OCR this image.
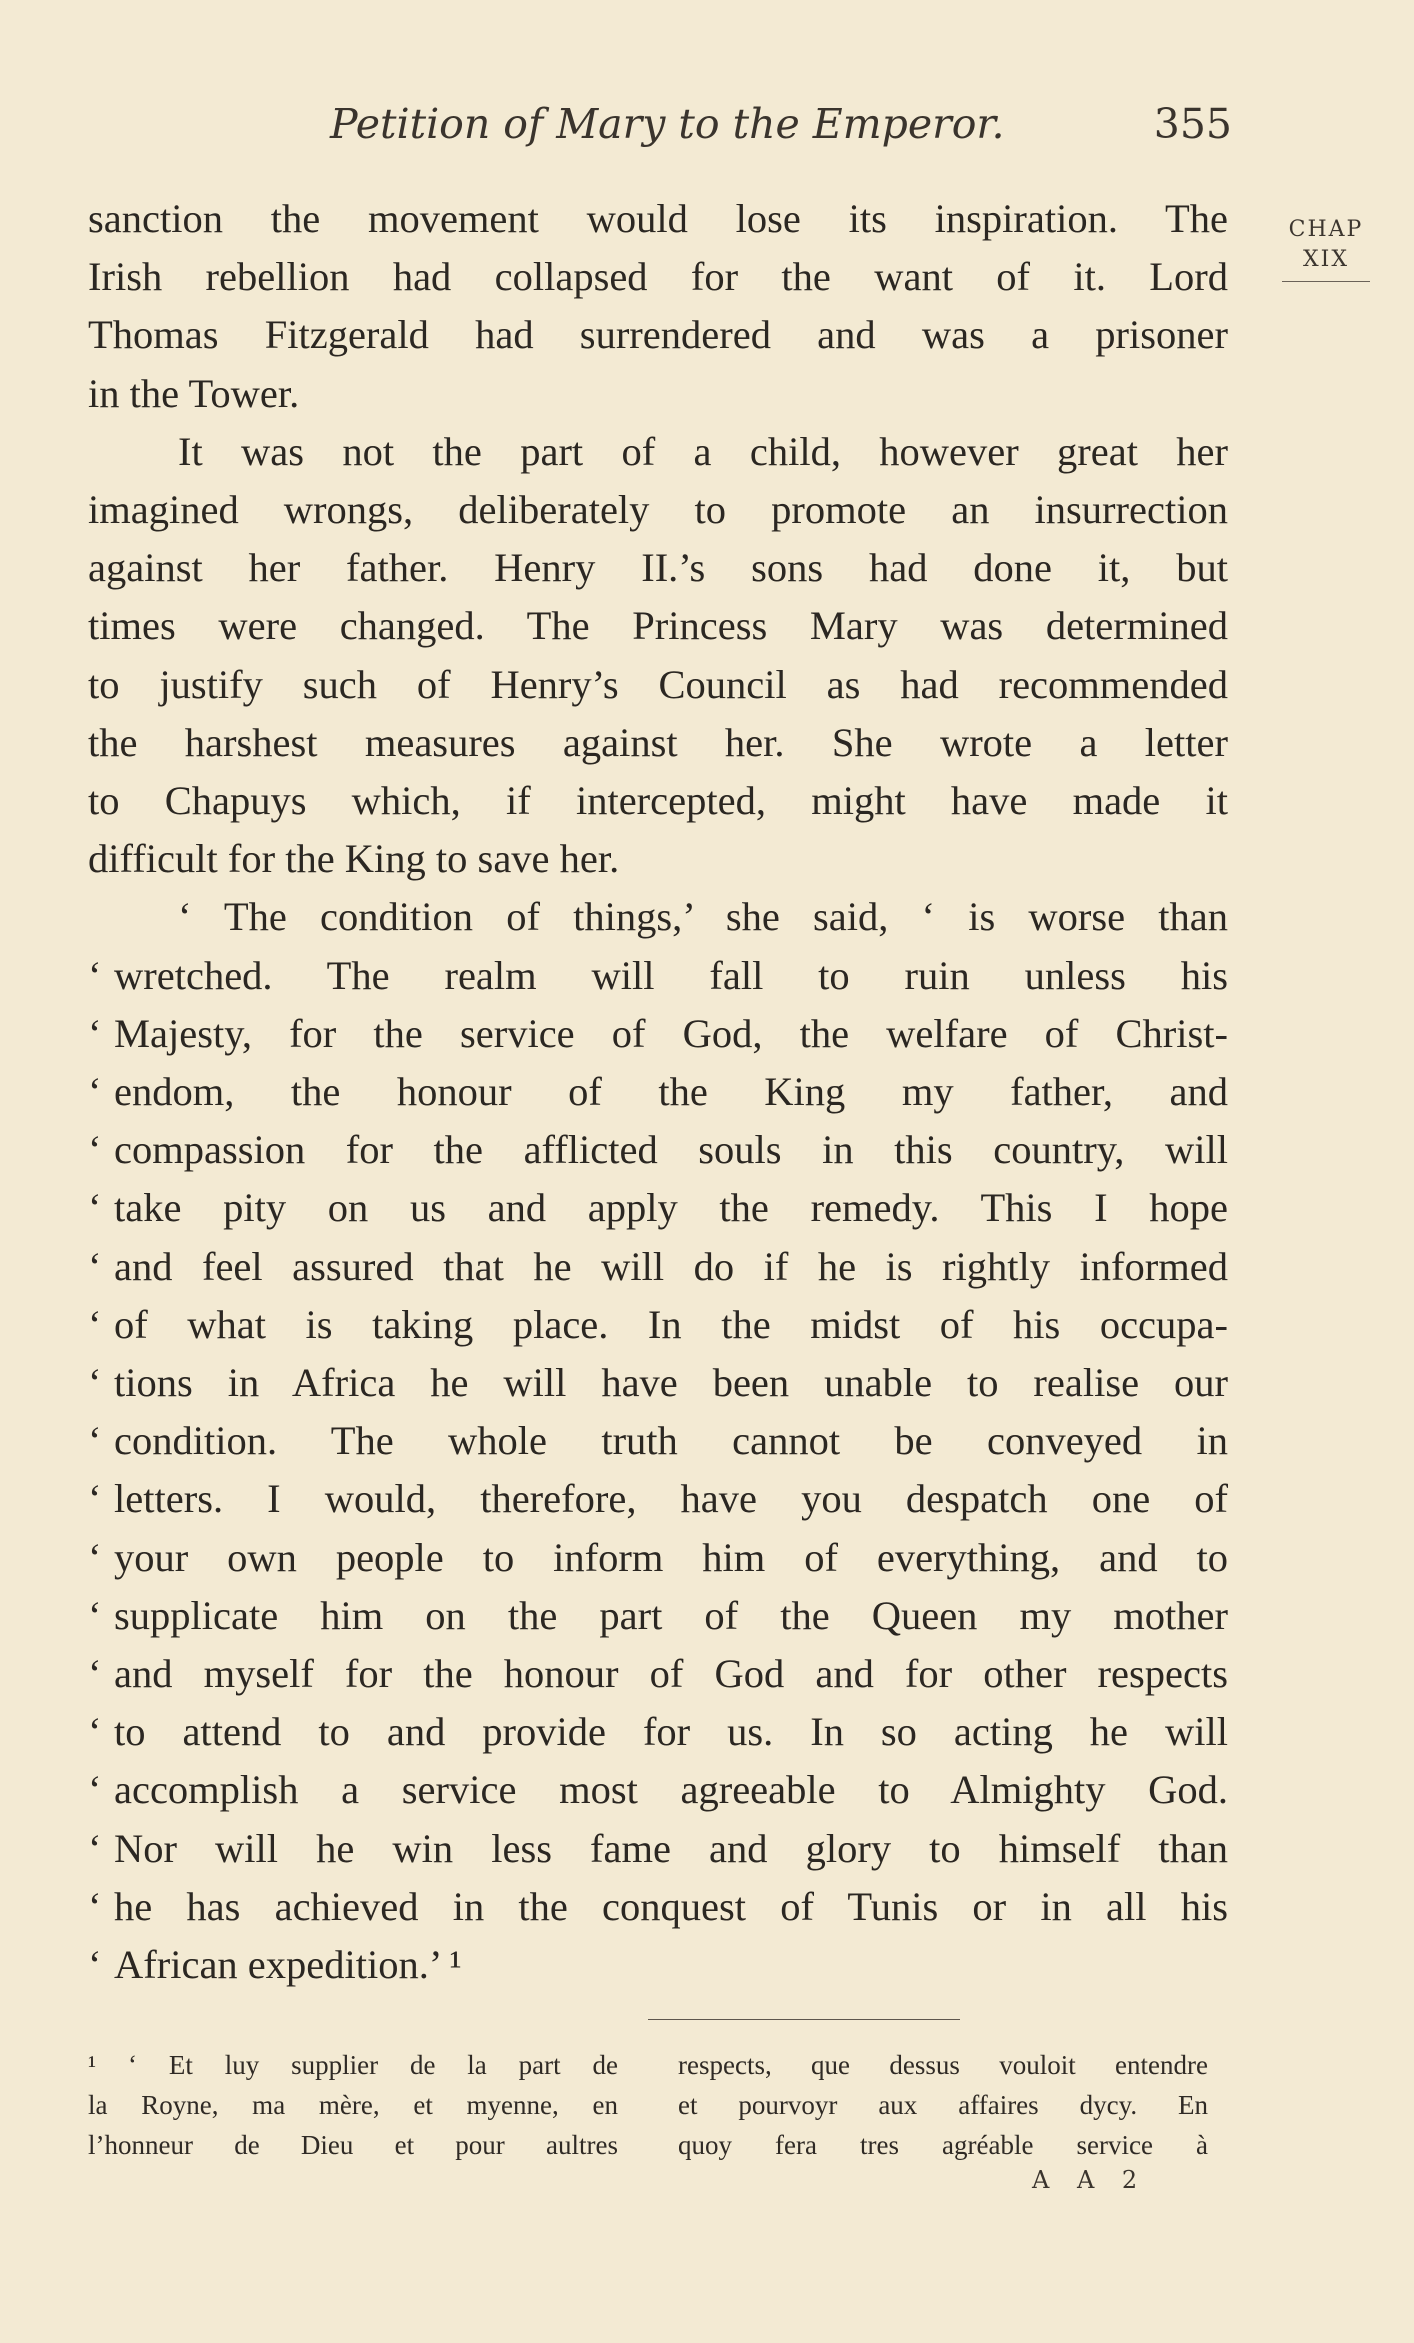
Petition of Mary to the Emperor.	355
CHAP
XIX
sanction the movement would lose its inspiration. The
Irish rebellion had collapsed for the want of it. Lord
Thomas Fitzgerald had surrendered and was a prisoner
in the Tower.
It was not the part of a child, however great her
imagined wrongs, deliberately to promote an insurrection
against her father. Henry II.’s sons had done it, but
times were changed. The Princess Mary was determined
to justify such of Henry’s Council as had recommended
the harshest measures against her. She wrote a letter
to Chapuys which, if intercepted, might have made it
difficult for the King to save her.
‘ The condition of things,’ she said, ‘ is worse than
‘ wretched. The realm will fall to ruin unless his
‘ Majesty, for the service of God, the welfare of Christ-
‘ endom, the honour of the King my father, and
‘ compassion for the afflicted souls in this country, will
‘ take pity on us and apply the remedy. This I hope
‘ and feel assured that he will do if he is rightly informed
‘ of what is taking place. In the midst of his occupa-
‘ tions in Africa he will have been unable to realise our
‘ condition. The whole truth cannot be conveyed in
‘ letters. I would, therefore, have you despatch one of
‘ your own people to inform him of everything, and to
‘ supplicate him on the part of the Queen my mother
‘ and myself for the honour of God and for other respects
‘ to attend to and provide for us. In so acting he will
‘ accomplish a service most agreeable to Almighty God.
‘ Nor will he win less fame and glory to himself than
‘ he has achieved in the conquest of Tunis or in all his
‘ African expedition.’ ¹
¹ ‘ Et luy supplier de la part de
la Royne, ma mère, et myenne, en
l’honneur de Dieu et pour aultres
respects, que dessus vouloit entendre
et pourvoyr aux affaires dycy. En
quoy fera tres agréable service à
A A 2
